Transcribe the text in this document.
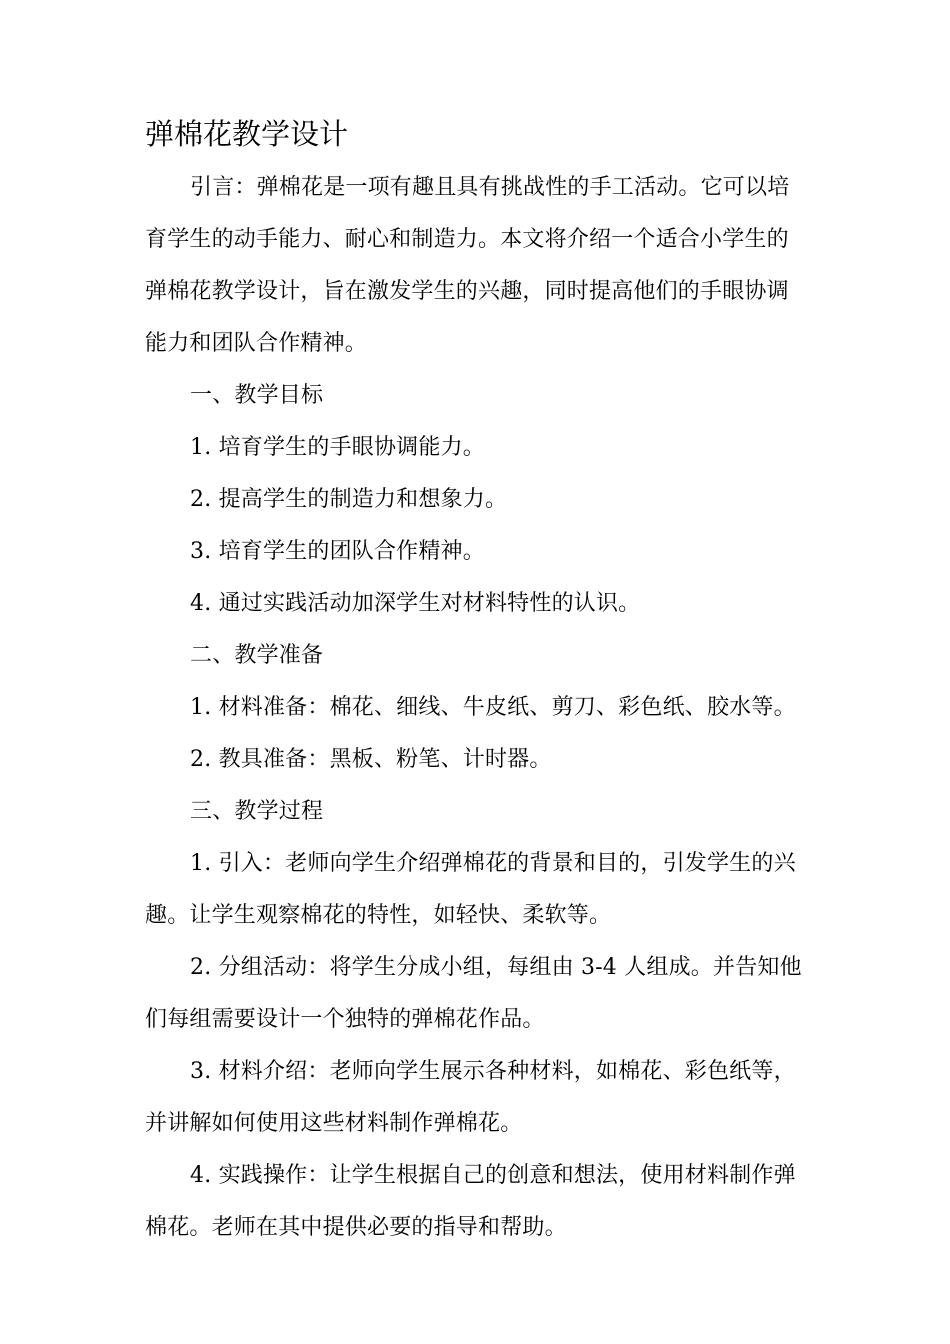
弹棉花教学设计
引言：弹棉花是一项有趣且具有挑战性的手工活动。它可以培
育学生的动手能力、耐心和制造力。本文将介绍一个适合小学生的
弹棉花教学设计，旨在激发学生的兴趣，同时提高他们的手眼协调
能力和团队合作精神。
一、教学目标
1. 培育学生的手眼协调能力。
2. 提高学生的制造力和想象力。
3. 培育学生的团队合作精神。
4. 通过实践活动加深学生对材料特性的认识。
二、教学准备
1. 材料准备：棉花、细线、牛皮纸、剪刀、彩色纸、胶水等。
2. 教具准备：黑板、粉笔、计时器。
三、教学过程
1. 引入：老师向学生介绍弹棉花的背景和目的，引发学生的兴
趣。让学生观察棉花的特性，如轻快、柔软等。
2. 分组活动：将学生分成小组，每组由 3-4 人组成。并告知他
们每组需要设计一个独特的弹棉花作品。
3. 材料介绍：老师向学生展示各种材料，如棉花、彩色纸等，
并讲解如何使用这些材料制作弹棉花。
4. 实践操作：让学生根据自己的创意和想法，使用材料制作弹
棉花。老师在其中提供必要的指导和帮助。
